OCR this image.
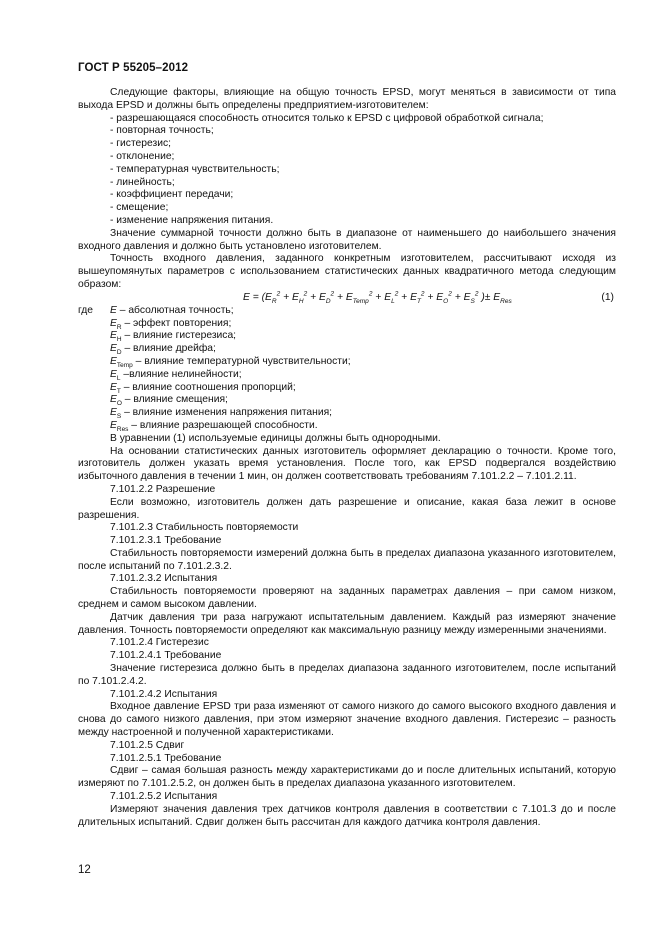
ГОСТ Р 55205–2012

Следующие факторы, влияющие на общую точность EPSD, могут меняться в зависимости от типа выхода EPSD и должны быть определены предприятием-изготовителем:

- разрешающаяся способность относится только к EPSD с цифровой обработкой сигнала;

- повторная точность;

- гистерезис;

- отклонение;

- температурная чувствительность;

- линейность;

- коэффициент передачи;

- смещение;

- изменение напряжения питания.

Значение суммарной точности должно быть в диапазоне от наименьшего до наибольшего значения входного давления и должно быть установлено изготовителем.

Точность входного давления, заданного конкретным изготовителем, рассчитывают исходя из вышеупомянутых параметров с использованием статистических данных квадратичного метода следующим образом:

$E = (E_R^2 + E_H^2 + E_D^2 + E_{Temp}^2 + E_L^2 + E_T^2 + E_O^2 + E_S^2$ )± $E_{Res}$	(1)

где E – абсолютная точность;

$E_R$ – эффект повторения;

$E_H$ – влияние гистерезиса;

$E_D$ – влияние дрейфа;

$E_{Temp}$ – влияние температурной чувствительности;

$E_L$ –влияние нелинейности;

$E_T$ – влияние соотношения пропорций;

$E_O$ – влияние смещения;

$E_S$ – влияние изменения напряжения питания;

$E_{Res}$ – влияние разрешающей способности.

В уравнении (1) используемые единицы должны быть однородными.

На основании статистических данных изготовитель оформляет декларацию о точности. Кроме того, изготовитель должен указать время установления. После того, как EPSD подвергался воздействию избыточного давления в течении 1 мин, он должен соответствовать требованиям 7.101.2.2 – 7.101.2.11.

7.101.2.2 Разрешение

Если возможно, изготовитель должен дать разрешение и описание, какая база лежит в основе разрешения.

7.101.2.3 Стабильность повторяемости

7.101.2.3.1 Требование

Стабильность повторяемости измерений должна быть в пределах диапазона указанного изготовителем, после испытаний по 7.101.2.3.2.

7.101.2.3.2 Испытания

Стабильность повторяемости проверяют на заданных параметрах давления – при самом низком, среднем и самом высоком давлении.

Датчик давления три раза нагружают испытательным давлением. Каждый раз измеряют значение давления. Точность повторяемости определяют как максимальную разницу между измеренными значениями.

7.101.2.4 Гистерезис

7.101.2.4.1 Требование

Значение гистерезиса должно быть в пределах диапазона заданного изготовителем, после испытаний по 7.101.2.4.2.

7.101.2.4.2 Испытания

Входное давление EPSD три раза изменяют от самого низкого до самого высокого входного давления и снова до самого низкого давления, при этом измеряют значение входного давления. Гистерезис – разность между настроенной и полученной характеристиками.

7.101.2.5 Сдвиг

7.101.2.5.1 Требование

Сдвиг – самая большая разность между характеристиками до и после длительных испытаний, которую измеряют по 7.101.2.5.2, он должен быть в пределах диапазона указанного изготовителем.

7.101.2.5.2 Испытания

Измеряют значения давления трех датчиков контроля давления в соответствии с 7.101.3 до и после длительных испытаний. Сдвиг должен быть рассчитан для каждого датчика контроля давления.

12
